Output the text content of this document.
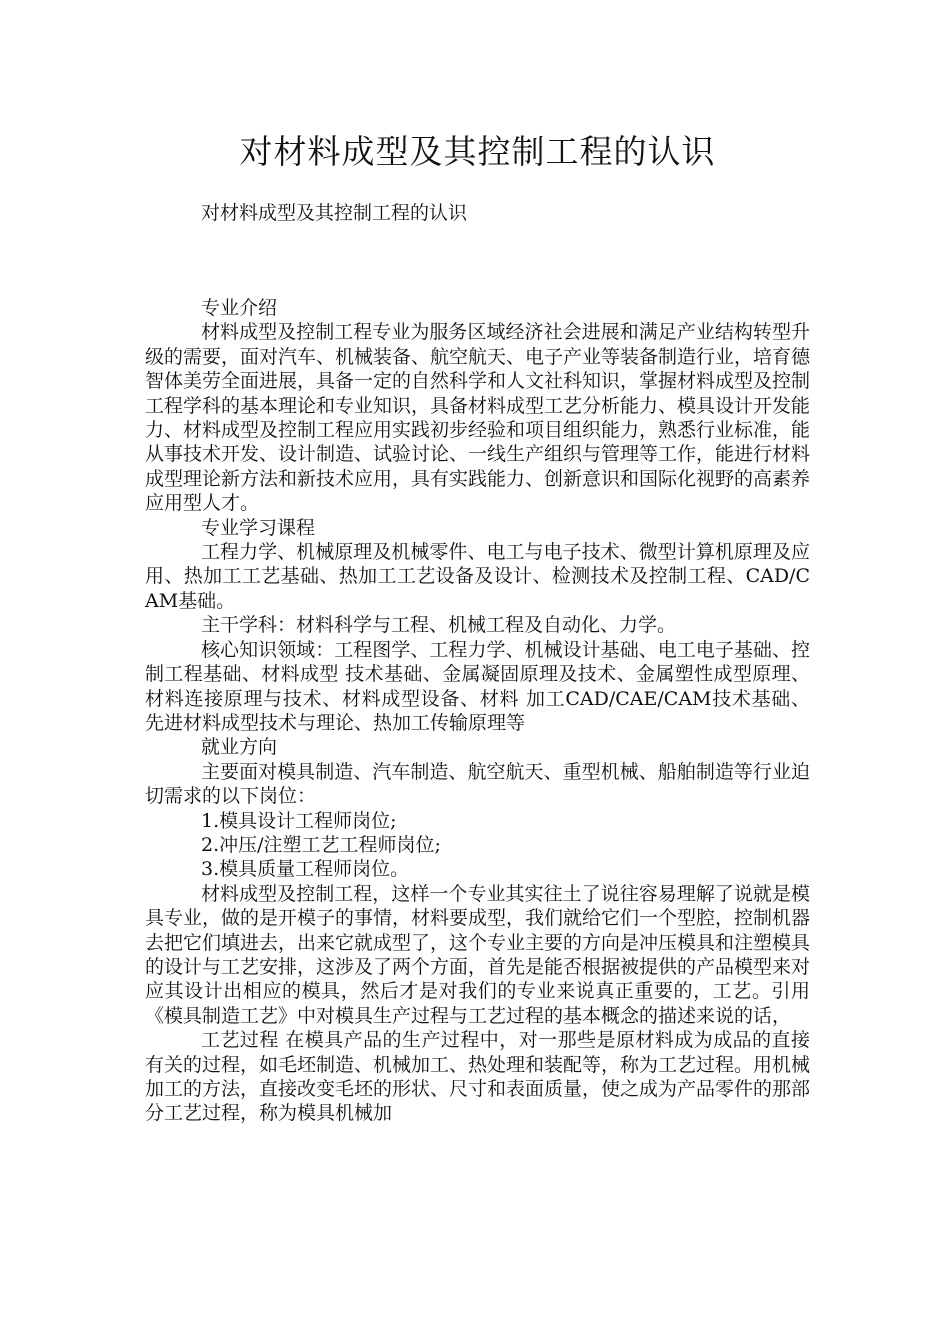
对材料成型及其控制工程的认识
对材料成型及其控制工程的认识

专业介绍

材料成型及控制工程专业为服务区域经济社会进展和满足产业结构转型升级的需要，面对汽车、机械装备、航空航天、电子产业等装备制造行业，培育德智体美劳全面进展，具备一定的自然科学和人文社科知识，掌握材料成型及控制工程学科的基本理论和专业知识，具备材料成型工艺分析能力、模具设计开发能力、材料成型及控制工程应用实践初步经验和项目组织能力，熟悉行业标准，能从事技术开发、设计制造、试验讨论、一线生产组织与管理等工作，能进行材料成型理论新方法和新技术应用，具有实践能力、创新意识和国际化视野的高素养应用型人才。

专业学习课程

工程力学、机械原理及机械零件、电工与电子技术、微型计算机原理及应用、热加工工艺基础、热加工工艺设备及设计、检测技术及控制工程、CAD/CAM基础。

主干学科：材料科学与工程、机械工程及自动化、力学。

核心知识领域：工程图学、工程力学、机械设计基础、电工电子基础、控制工程基础、材料成型 技术基础、金属凝固原理及技术、金属塑性成型原理、材料连接原理与技术、材料成型设备、材料 加工CAD/CAE/CAM技术基础、先进材料成型技术与理论、热加工传输原理等

就业方向

主要面对模具制造、汽车制造、航空航天、重型机械、船舶制造等行业迫切需求的以下岗位：

1.模具设计工程师岗位;

2.冲压/注塑工艺工程师岗位;

3.模具质量工程师岗位。

材料成型及控制工程，这样一个专业其实往土了说往容易理解了说就是模具专业，做的是开模子的事情，材料要成型，我们就给它们一个型腔，控制机器去把它们填进去，出来它就成型了，这个专业主要的方向是冲压模具和注塑模具的设计与工艺安排，这涉及了两个方面，首先是能否根据被提供的产品模型来对应其设计出相应的模具，然后才是对我们的专业来说真正重要的，工艺。引用《模具制造工艺》中对模具生产过程与工艺过程的基本概念的描述来说的话，

工艺过程 在模具产品的生产过程中，对一那些是原材料成为成品的直接有关的过程，如毛坯制造、机械加工、热处理和装配等，称为工艺过程。用机械加工的方法，直接改变毛坯的形状、尺寸和表面质量，使之成为产品零件的那部分工艺过程，称为模具机械加
